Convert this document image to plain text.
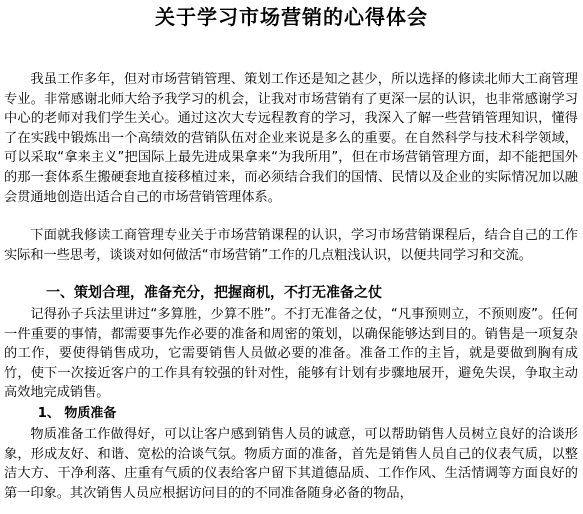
关于学习市场营销的心得体会

我虽工作多年，但对市场营销管理、策划工作还是知之甚少，所以选择的修读北师大工商管理专业。非常感谢北师大给予我学习的机会，让我对市场营销有了更深一层的认识，也非常感谢学习中心的老师对我们学生关心。通过这次大专远程教育的学习，我深入了解一些营销管理知识，懂得了在实践中锻炼出一个高绩效的营销队伍对企业来说是多么的重要。在自然科学与技术科学领域，可以采取“拿来主义”把国际上最先进成果拿来“为我所用”，但在市场营销管理方面，却不能把国外的那一套体系生搬硬套地直接移植过来，而必须结合我们的国情、民情以及企业的实际情况加以融会贯通地创造出适合自己的市场营销管理体系。

下面就我修读工商管理专业关于市场营销课程的认识，学习市场营销课程后，结合自己的工作实际和一些思考，谈谈对如何做活“市场营销”工作的几点粗浅认识，以便共同学习和交流。

一、策划合理，准备充分，把握商机，不打无准备之仗

记得孙子兵法里讲过“多算胜，少算不胜”。不打无准备之仗，“凡事预则立，不预则废”。任何一件重要的事情，都需要事先作必要的准备和周密的策划，以确保能够达到目的。销售是一项复杂的工作，要使得销售成功，它需要销售人员做必要的准备。准备工作的主旨，就是要做到胸有成竹，使下一次接近客户的工作具有较强的针对性，能够有计划有步骤地展开，避免失误，争取主动高效地完成销售。

1、 物质准备

物质准备工作做得好，可以让客户感到销售人员的诚意，可以帮助销售人员树立良好的洽谈形象，形成友好、和谐、宽松的洽谈气氛。物质方面的准备，首先是销售人员自己的仪表气质，以整洁大方、干净利落、庄重有气质的仪表给客户留下其道德品质、工作作风、生活情调等方面良好的第一印象。其次销售人员应根据访问目的的不同准备随身必备的物品，
